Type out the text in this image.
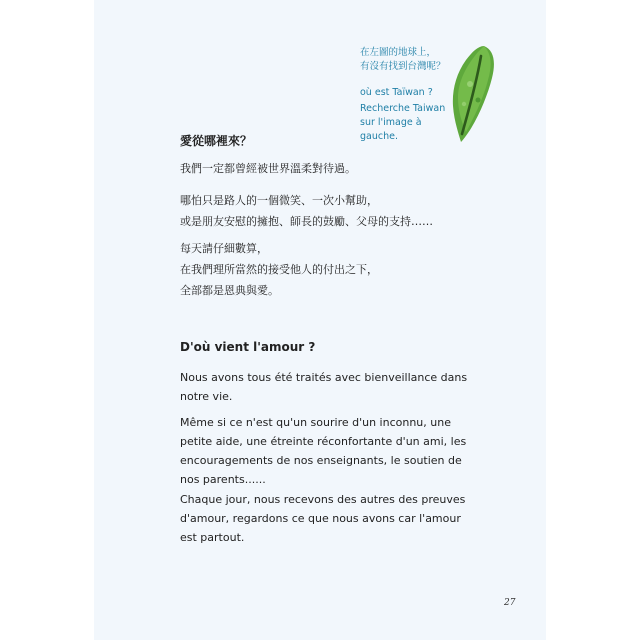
在左圖的地球上，

有沒有找到台灣呢？

où est Taïwan ?

Recherche Taiwan

sur l'image à

gauche.

愛從哪裡來？
我們一定都曾經被世界溫柔對待過。
哪怕只是路人的一個微笑、一次小幫助，
或是朋友安慰的擁抱、師長的鼓勵、父母的支持……
每天請仔細數算，
在我們理所當然的接受他人的付出之下，
全部都是恩典與愛。
D'où vient l'amour ?
Nous avons tous été traités avec bienveillance dans
notre vie.
Même si ce n'est qu'un sourire d'un inconnu, une
petite aide, une étreinte réconfortante d'un ami, les
encouragements de nos enseignants, le soutien de
nos parents......
Chaque jour, nous recevons des autres des preuves
d'amour, regardons ce que nous avons car l'amour
est partout.
27
